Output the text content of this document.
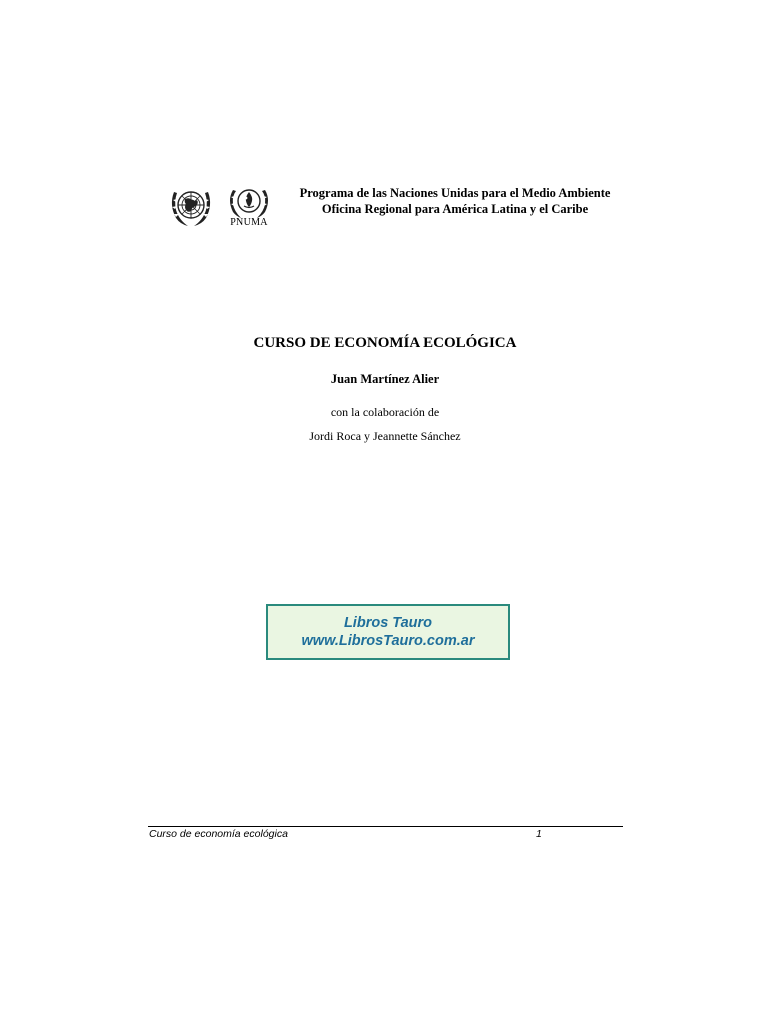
PNUMA
Programa de las Naciones Unidas para el Medio Ambiente
Oficina Regional para América Latina y el Caribe
CURSO DE ECONOMÍA ECOLÓGICA
Juan Martínez Alier
con la colaboración de
Jordi Roca y Jeannette Sánchez
Libros Tauro
www.LibrosTauro.com.ar
Curso de economía ecológica	1
